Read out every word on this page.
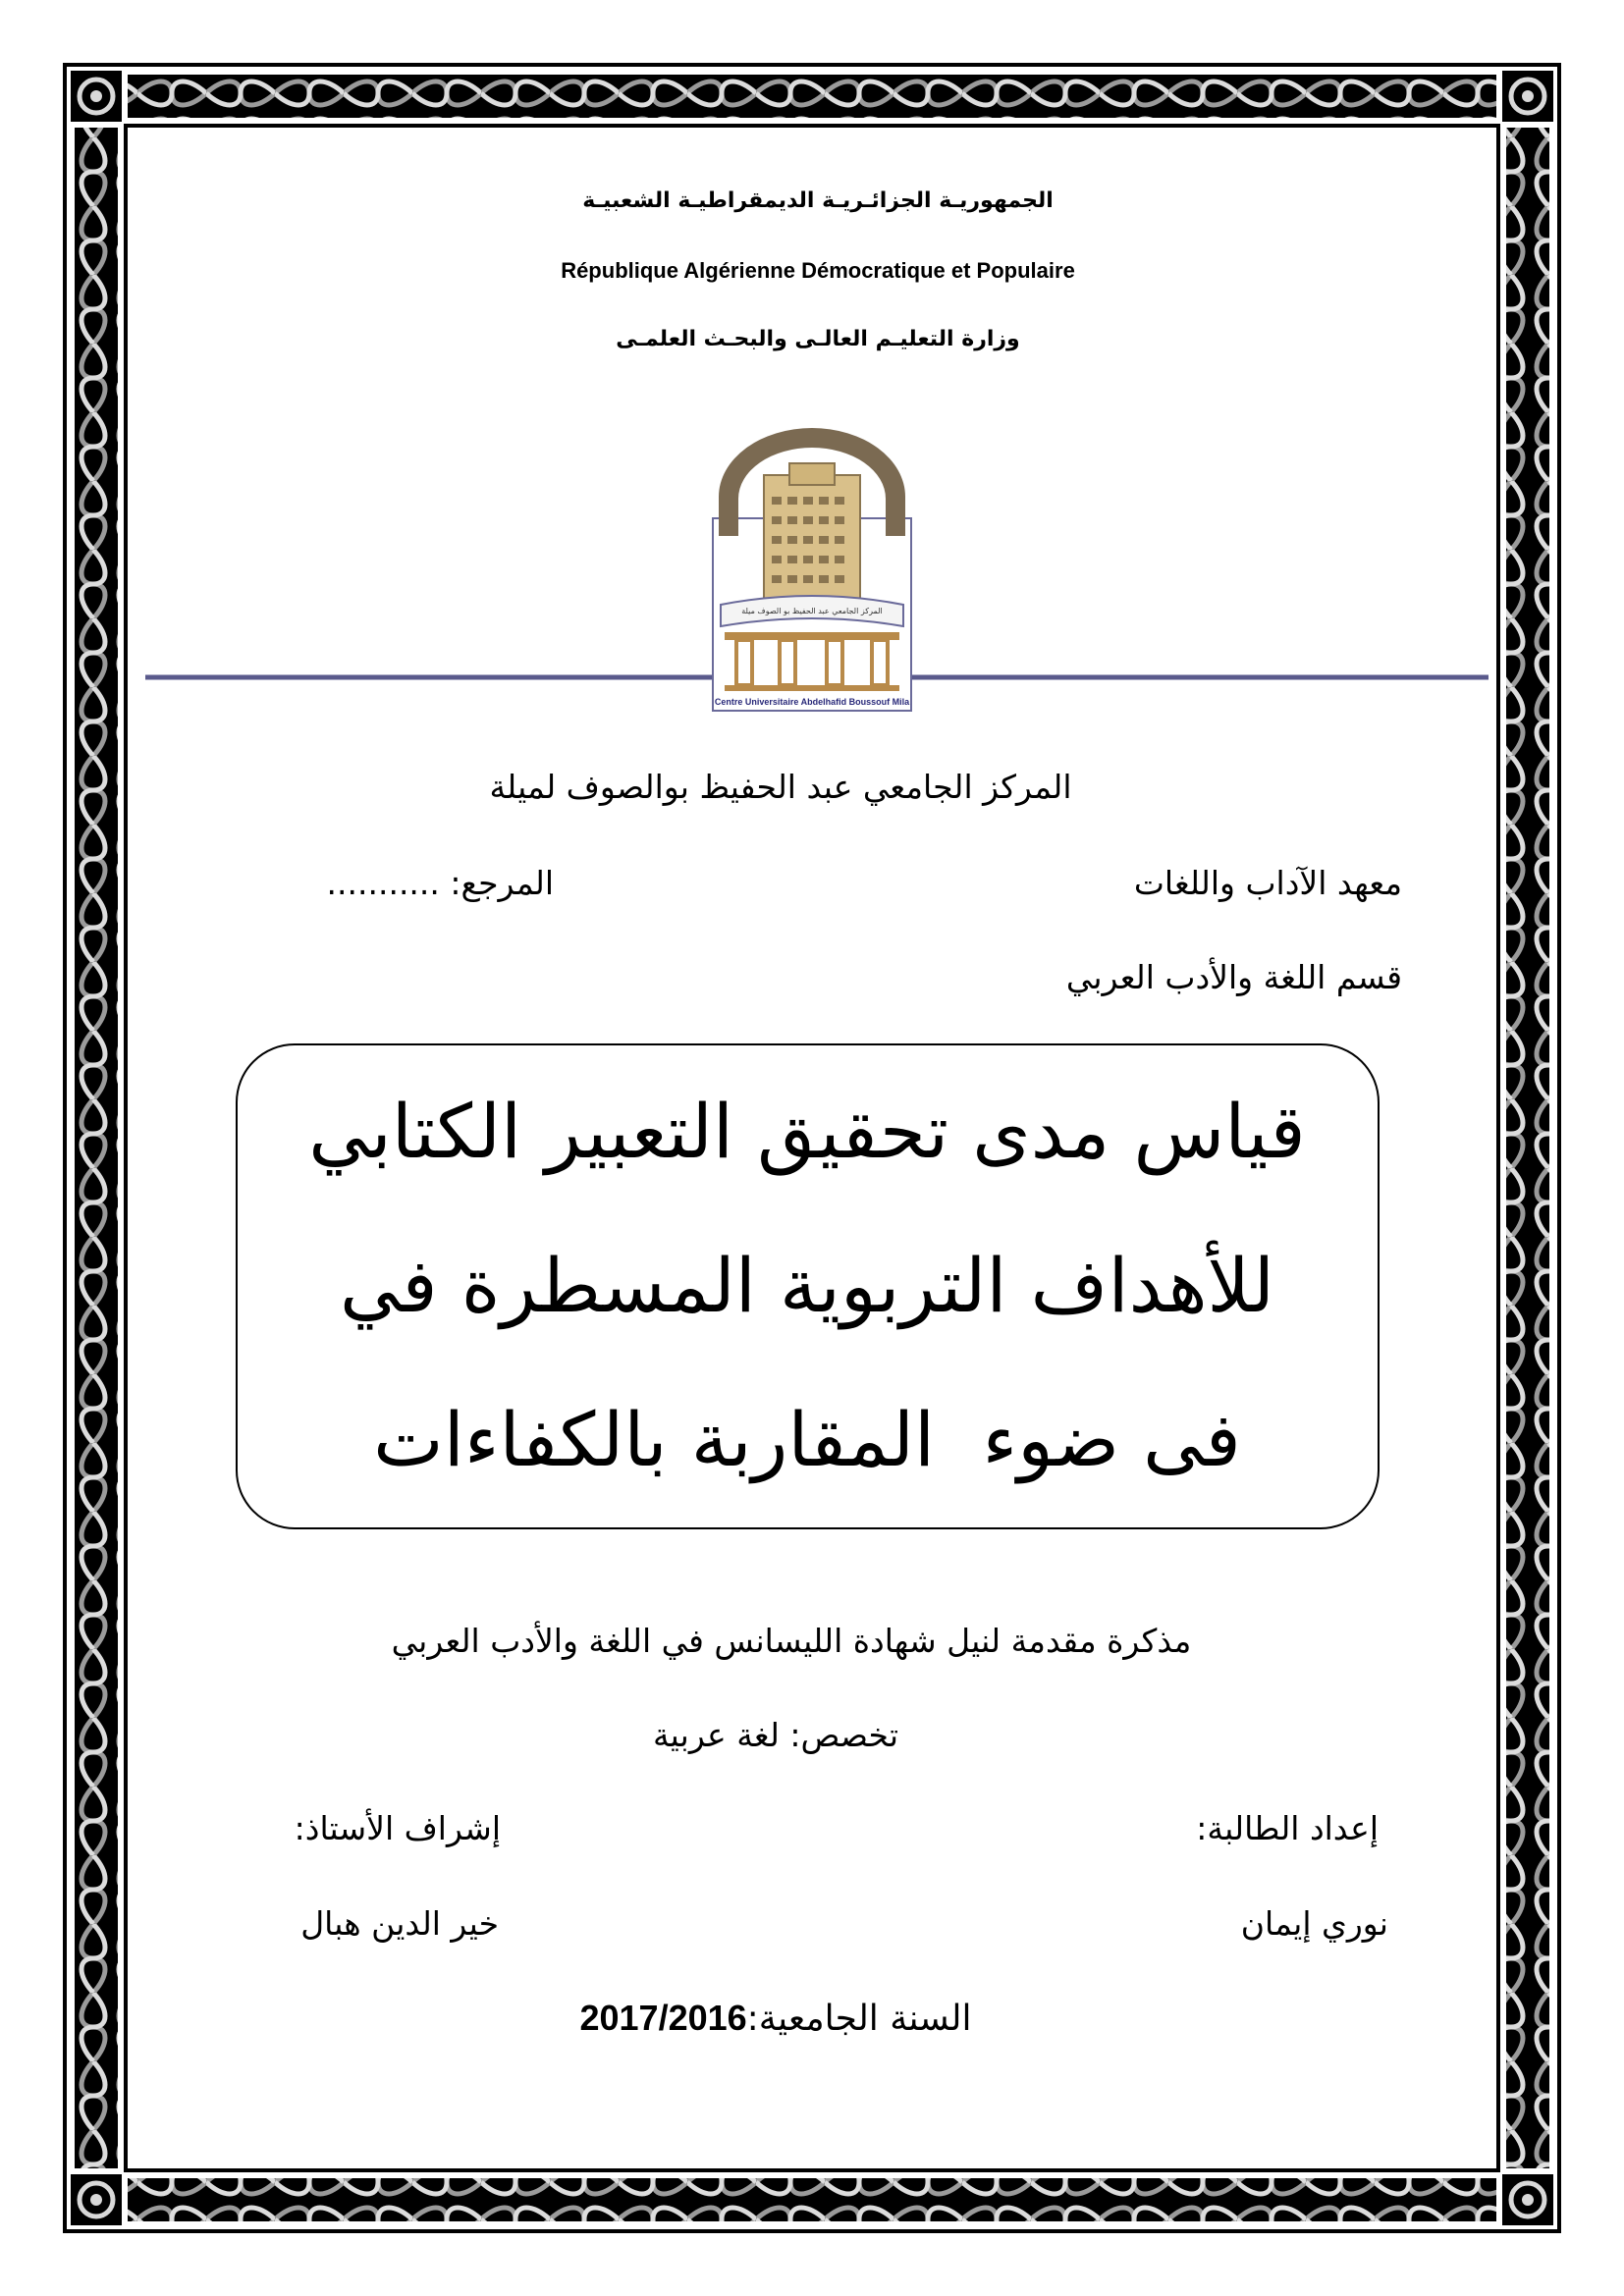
الجمهوريـة الجزائـريـة الديمقراطيـة الشعبيـة
République Algérienne Démocratique et Populaire
وزارة التعليـم العالـى والبحـث العلمـى
المركز الجامعي عبد الحفيظ بو الصوف ميلة
Centre Universitaire Abdelhafid Boussouf Mila
المركز الجامعي عبد الحفيظ بوالصوف لميلة
معهد الآداب واللغات
المرجع: ...........
قسم اللغة والأدب العربي
قياس مدى تحقيق التعبير الكتابي
للأهداف التربوية المسطرة في
فى ضوء  المقاربة بالكفاءات
مذكرة مقدمة لنيل شهادة الليسانس في اللغة والأدب العربي
تخصص: لغة عربية
إعداد الطالبة:
إشراف الأستاذ:
نوري إيمان
خير الدين هبال
السنة الجامعية:2017/2016
